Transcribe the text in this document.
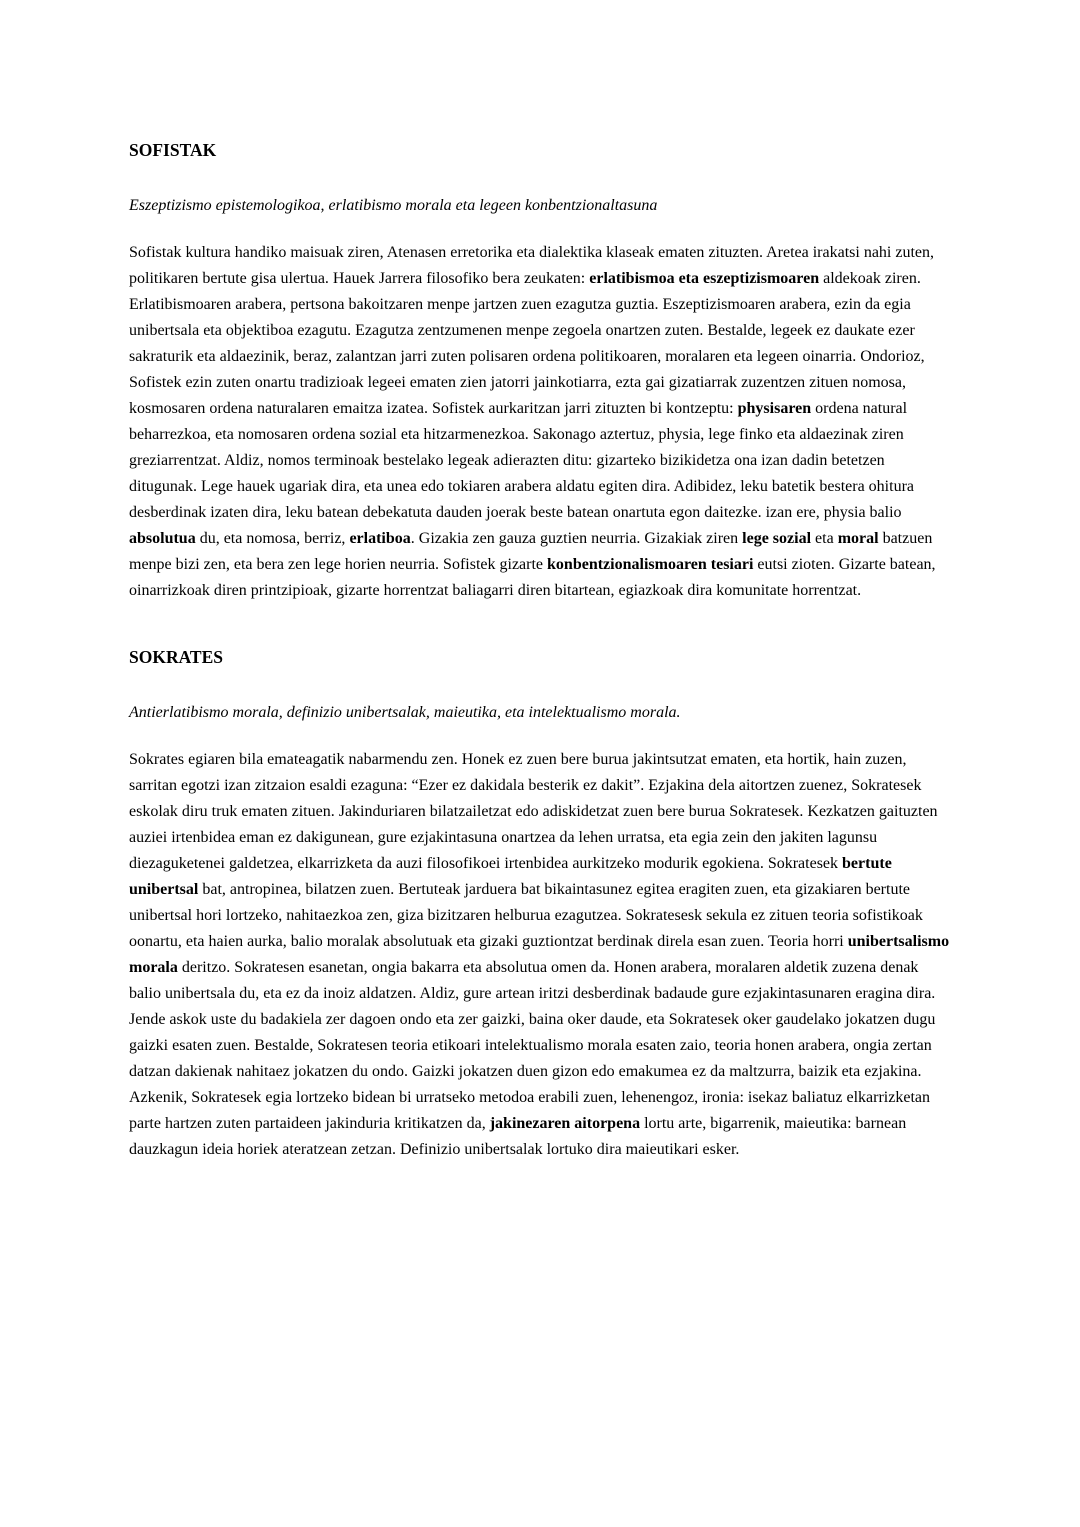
SOFISTAK

Eszeptizismo epistemologikoa, erlatibismo morala eta legeen konbentzionaltasuna

Sofistak kultura handiko maisuak ziren, Atenasen erretorika eta dialektika klaseak ematen zituzten. Aretea irakatsi nahi zuten, politikaren bertute gisa ulertua. Hauek Jarrera filosofiko bera zeukaten: erlatibismoa eta eszeptizismoaren aldekoak ziren. Erlatibismoaren arabera, pertsona bakoitzaren menpe jartzen zuen ezagutza guztia. Eszeptizismoaren arabera, ezin da egia unibertsala eta objektiboa ezagutu. Ezagutza zentzumenen menpe zegoela onartzen zuten. Bestalde, legeek ez daukate ezer sakraturik eta aldaezinik, beraz, zalantzan jarri zuten polisaren ordena politikoaren, moralaren eta legeen oinarria. Ondorioz, Sofistek ezin zuten onartu tradizioak legeei ematen zien jatorri jainkotiarra, ezta gai gizatiarrak zuzentzen zituen nomosa, kosmosaren ordena naturalaren emaitza izatea. Sofistek aurkaritzan jarri zituzten bi kontzeptu: physisaren ordena natural beharrezkoa, eta nomosaren ordena sozial eta hitzarmenezkoa. Sakonago aztertuz, physia, lege finko eta aldaezinak ziren greziarrentzat. Aldiz, nomos terminoak bestelako legeak adierazten ditu: gizarteko bizikidetza ona izan dadin betetzen ditugunak. Lege hauek ugariak dira, eta unea edo tokiaren arabera aldatu egiten dira. Adibidez, leku batetik bestera ohitura desberdinak izaten dira, leku batean debekatuta dauden joerak beste batean onartuta egon daitezke. izan ere, physia balio absolutua du, eta nomosa, berriz, erlatiboa. Gizakia zen gauza guztien neurria. Gizakiak ziren lege sozial eta moral batzuen menpe bizi zen, eta bera zen lege horien neurria. Sofistek gizarte konbentzionalismoaren tesiari eutsi zioten. Gizarte batean, oinarrizkoak diren printzipioak, gizarte horrentzat baliagarri diren bitartean, egiazkoak dira komunitate horrentzat.

SOKRATES

Antierlatibismo morala, definizio unibertsalak, maieutika, eta intelektualismo morala.

Sokrates egiaren bila emateagatik nabarmendu zen. Honek ez zuen bere burua jakintsutzat ematen, eta hortik, hain zuzen, sarritan egotzi izan zitzaion esaldi ezaguna: “Ezer ez dakidala besterik ez dakit”. Ezjakina dela aitortzen zuenez, Sokratesek eskolak diru truk ematen zituen. Jakinduriaren bilatzailetzat edo adiskidetzat zuen bere burua Sokratesek. Kezkatzen gaituzten auziei irtenbidea eman ez dakigunean, gure ezjakintasuna onartzea da lehen urratsa, eta egia zein den jakiten lagunsu diezaguketenei galdetzea, elkarrizketa da auzi filosofikoei irtenbidea aurkitzeko modurik egokiena. Sokratesek bertute unibertsal bat, antropinea, bilatzen zuen. Bertuteak jarduera bat bikaintasunez egitea eragiten zuen, eta gizakiaren bertute unibertsal hori lortzeko, nahitaezkoa zen, giza bizitzaren helburua ezagutzea. Sokratesesk sekula ez zituen teoria sofistikoak oonartu, eta haien aurka, balio moralak absolutuak eta gizaki guztiontzat berdinak direla esan zuen. Teoria horri unibertsalismo morala deritzo. Sokratesen esanetan, ongia bakarra eta absolutua omen da. Honen arabera, moralaren aldetik zuzena denak balio unibertsala du, eta ez da inoiz aldatzen. Aldiz, gure artean iritzi desberdinak badaude gure ezjakintasunaren eragina dira. Jende askok uste du badakiela zer dagoen ondo eta zer gaizki, baina oker daude, eta Sokratesek oker gaudelako jokatzen dugu gaizki esaten zuen. Bestalde, Sokratesen teoria etikoari intelektualismo morala esaten zaio, teoria honen arabera, ongia zertan datzan dakienak nahitaez jokatzen du ondo. Gaizki jokatzen duen gizon edo emakumea ez da maltzurra, baizik eta ezjakina. Azkenik, Sokratesek egia lortzeko bidean bi urratseko metodoa erabili zuen, lehenengoz, ironia: isekaz baliatuz elkarrizketan parte hartzen zuten partaideen jakinduria kritikatzen da, jakinezaren aitorpena lortu arte, bigarrenik, maieutika: barnean dauzkagun ideia horiek ateratzean zetzan. Definizio unibertsalak lortuko dira maieutikari esker.
